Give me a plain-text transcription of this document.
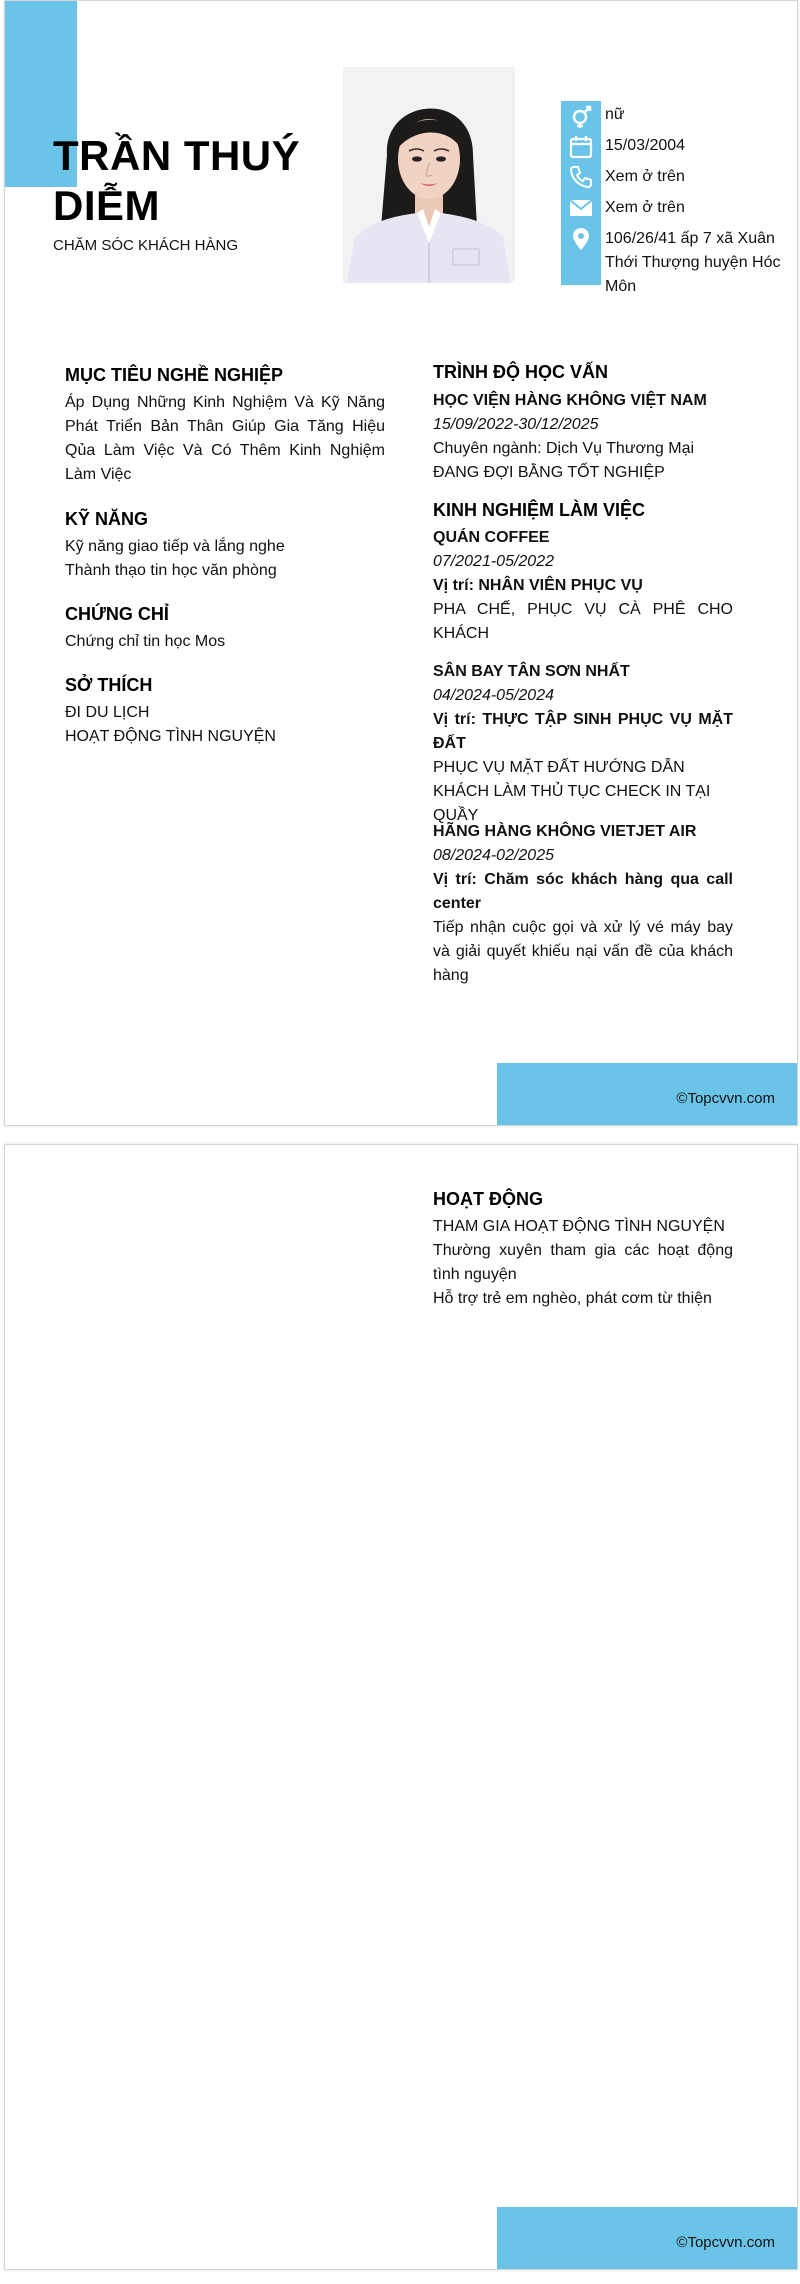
TRẦN THUÝ
DIỄM
CHĂM SÓC KHÁCH HÀNG
nữ
15/03/2004
Xem ở trên
Xem ở trên
106/26/41 ấp 7 xã Xuân
Thới Thượng huyện Hóc
Môn
MỤC TIÊU NGHỀ NGHIỆP
Áp Dụng Những Kinh Nghiệm Và Kỹ Năng Phát Triển Bản Thân Giúp Gia Tăng Hiệu Qủa Làm Việc Và Có Thêm Kinh Nghiệm Làm Việc
KỸ NĂNG
Kỹ năng giao tiếp và lắng nghe
Thành thạo tin học văn phòng
CHỨNG CHỈ
Chứng chỉ tin học Mos
SỞ THÍCH
ĐI DU LỊCH
HOẠT ĐỘNG TÌNH NGUYỆN
TRÌNH ĐỘ HỌC VẤN
HỌC VIỆN HÀNG KHÔNG VIỆT NAM
15/09/2022-30/12/2025
Chuyên ngành: Dịch Vụ Thương Mại
ĐANG ĐỢI BẰNG TỐT NGHIỆP
KINH NGHIỆM LÀM VIỆC
QUÁN COFFEE
07/2021-05/2022
Vị trí: NHÂN VIÊN PHỤC VỤ
PHA CHẾ, PHỤC VỤ CÀ PHÊ CHO KHÁCH
SÂN BAY TÂN SƠN NHẤT
04/2024-05/2024
Vị trí: THỰC TẬP SINH PHỤC VỤ MẶT ĐẤT
PHỤC VỤ MẶT ĐẤT HƯỚNG DẪN KHÁCH LÀM THỦ TỤC CHECK IN TẠI QUẦY
HÃNG HÀNG KHÔNG VIETJET AIR
08/2024-02/2025
Vị trí: Chăm sóc khách hàng qua call center
Tiếp nhận cuộc gọi và xử lý vé máy bay và giải quyết khiếu nại vấn đề của khách hàng
©Topcvvn.com
HOẠT ĐỘNG
THAM GIA HOẠT ĐỘNG TÌNH NGUYỆN
Thường xuyên tham gia các hoạt động tình nguyện
Hỗ trợ trẻ em nghèo, phát cơm từ thiện
©Topcvvn.com
